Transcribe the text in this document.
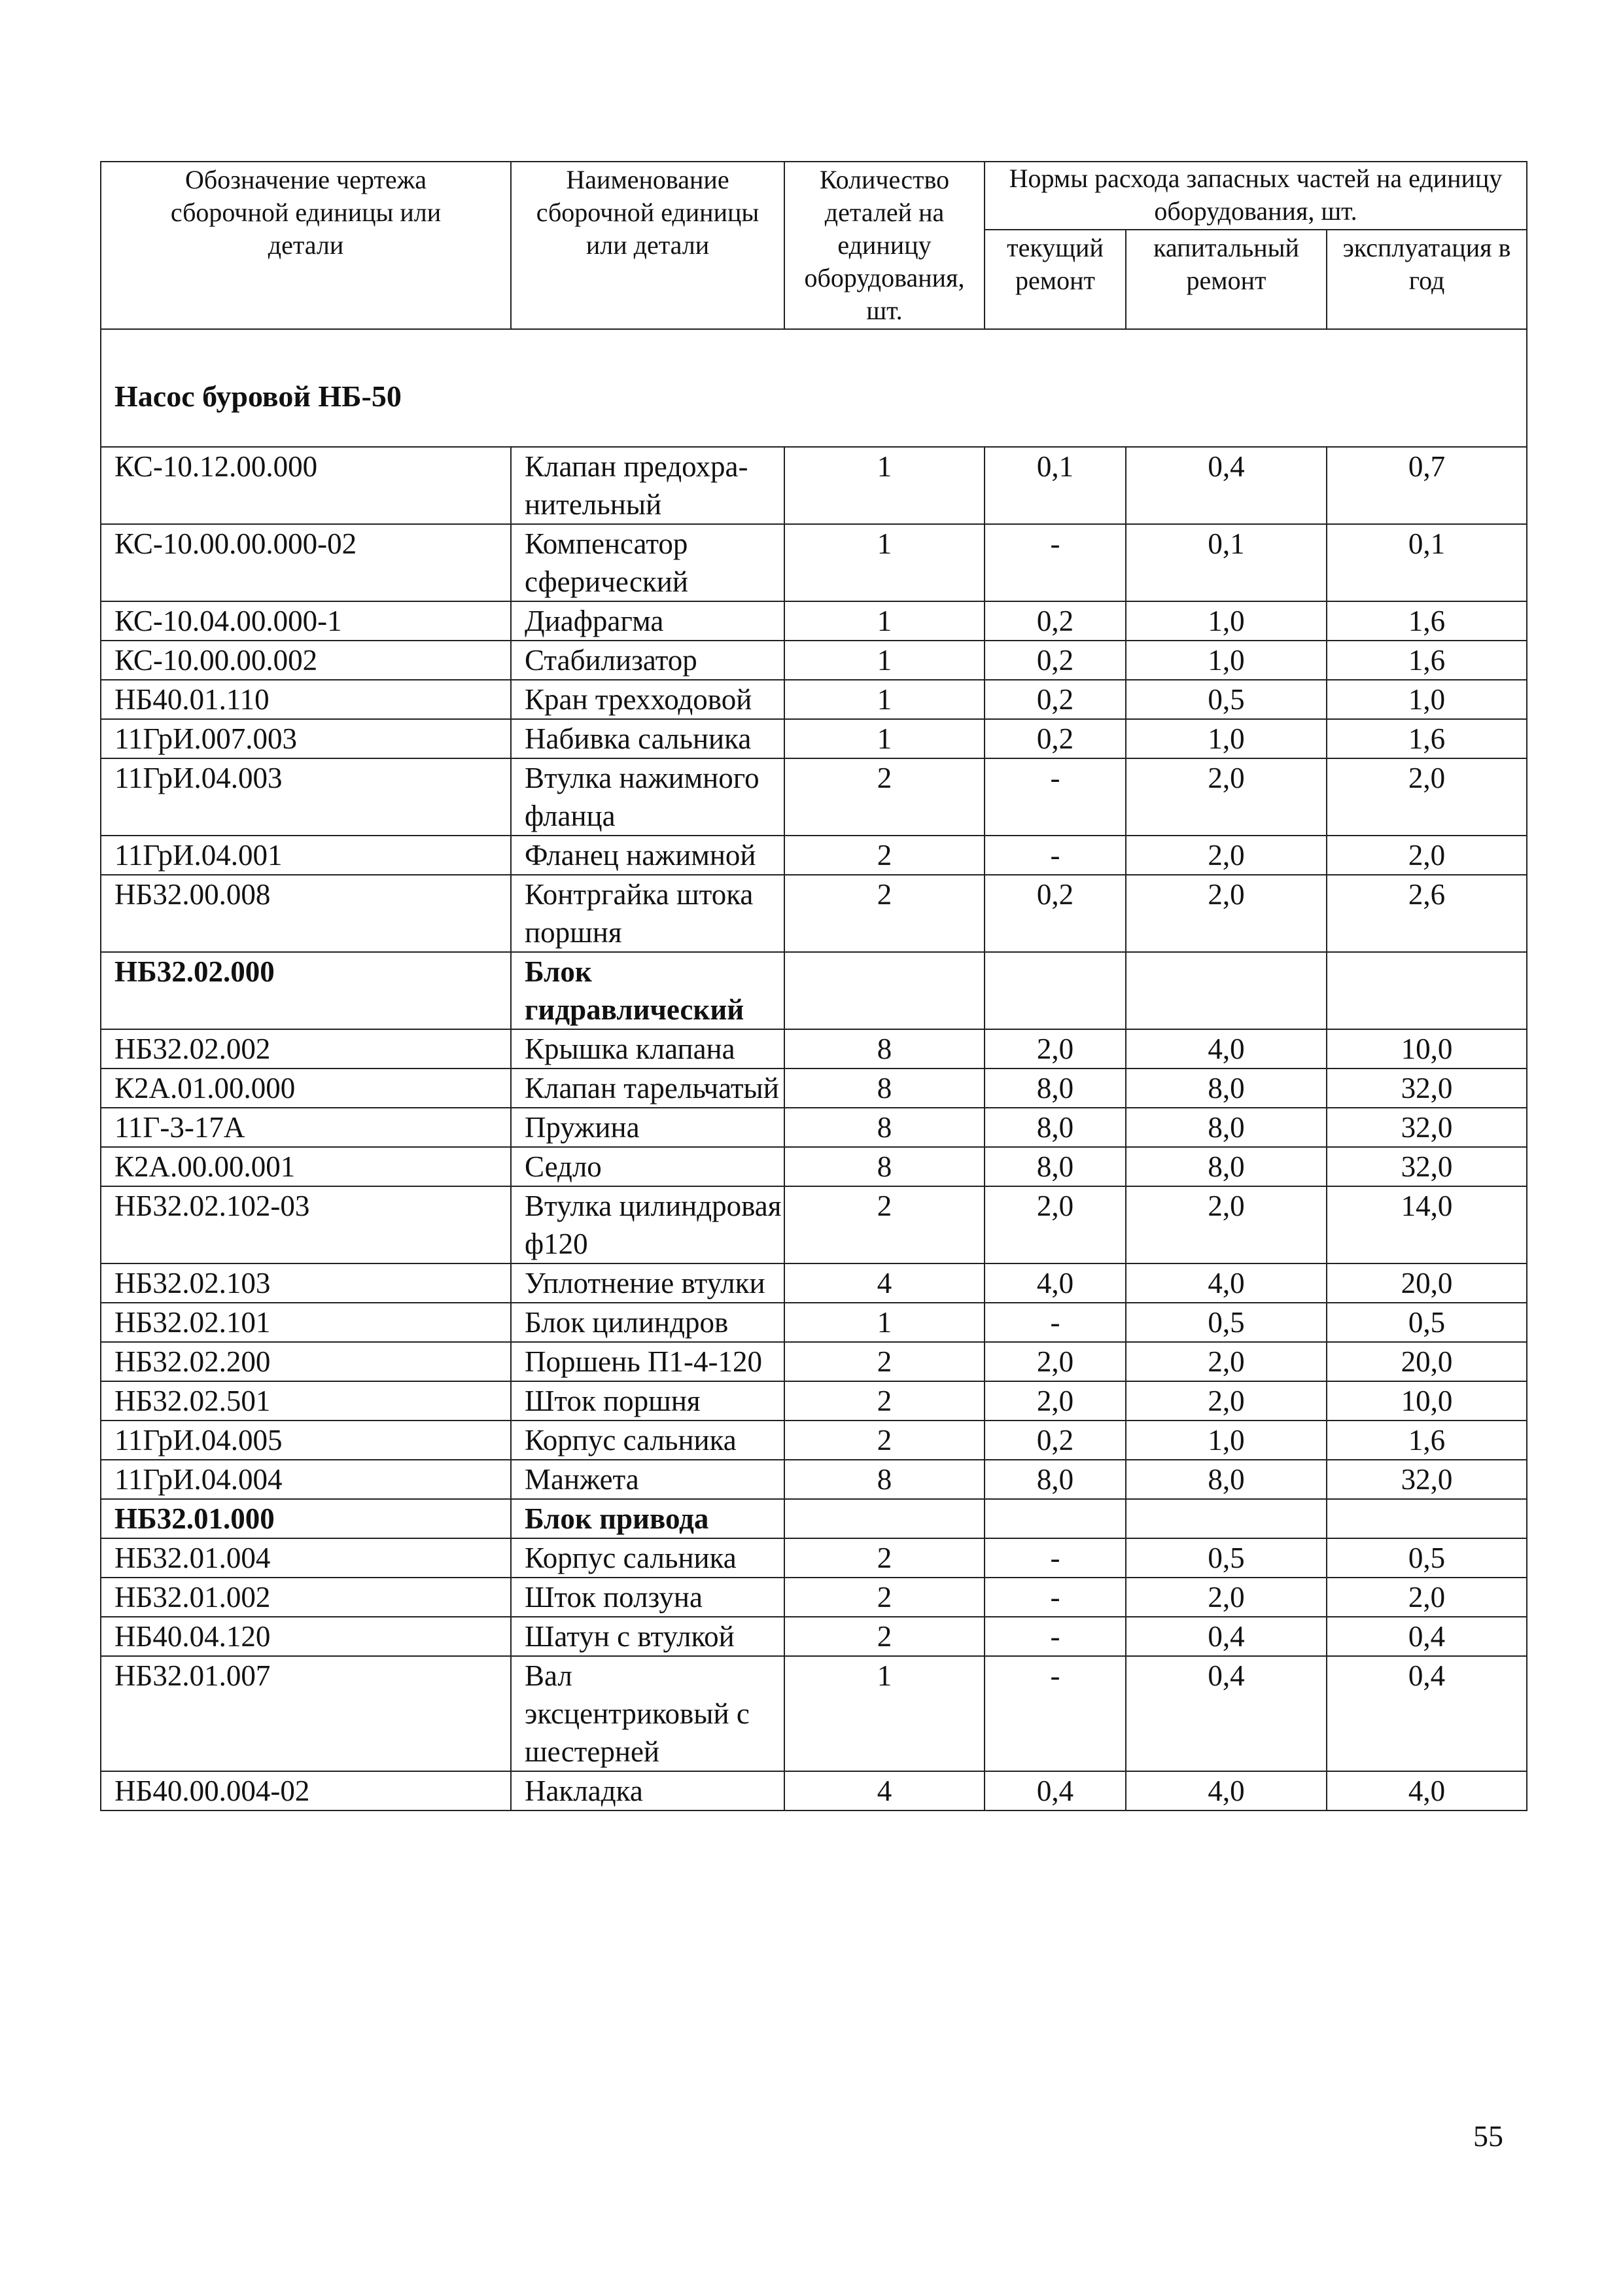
Обозначение чертежа сборочной единицы или детали	Наименование сборочной единицы или детали	Количество деталей на единицу оборудования, шт.	Нормы расхода запасных частей на единицу оборудования, шт.		
			текущий ремонт	капитальный ремонт	эксплуатация в год
Насос буровой НБ-50					
КС-10.12.00.000	Клапан предохра-нительный	1	0,1	0,4	0,7
КС-10.00.00.000-02	Компенсатор сферический	1	-	0,1	0,1
КС-10.04.00.000-1	Диафрагма	1	0,2	1,0	1,6
КС-10.00.00.002	Стабилизатор	1	0,2	1,0	1,6
НБ40.01.110	Кран трехходовой	1	0,2	0,5	1,0
11ГрИ.007.003	Набивка сальника	1	0,2	1,0	1,6
11ГрИ.04.003	Втулка нажимного фланца	2	-	2,0	2,0
11ГрИ.04.001	Фланец нажимной	2	-	2,0	2,0
НБ32.00.008	Контргайка штока поршня	2	0,2	2,0	2,6
НБ32.02.000	Блок гидравлический				
НБ32.02.002	Крышка клапана	8	2,0	4,0	10,0
К2А.01.00.000	Клапан тарельчатый	8	8,0	8,0	32,0
11Г-3-17А	Пружина	8	8,0	8,0	32,0
К2А.00.00.001	Седло	8	8,0	8,0	32,0
НБ32.02.102-03	Втулка цилиндровая ф120	2	2,0	2,0	14,0
НБ32.02.103	Уплотнение втулки	4	4,0	4,0	20,0
НБ32.02.101	Блок цилиндров	1	-	0,5	0,5
НБ32.02.200	Поршень П1-4-120	2	2,0	2,0	20,0
НБ32.02.501	Шток поршня	2	2,0	2,0	10,0
11ГрИ.04.005	Корпус сальника	2	0,2	1,0	1,6
11ГрИ.04.004	Манжета	8	8,0	8,0	32,0
НБ32.01.000	Блок привода				
НБ32.01.004	Корпус сальника	2	-	0,5	0,5
НБ32.01.002	Шток ползуна	2	-	2,0	2,0
НБ40.04.120	Шатун с втулкой	2	-	0,4	0,4
НБ32.01.007	Вал эксцентриковый с шестерней	1	-	0,4	0,4
НБ40.00.004-02	Накладка	4	0,4	4,0	4,0
55
